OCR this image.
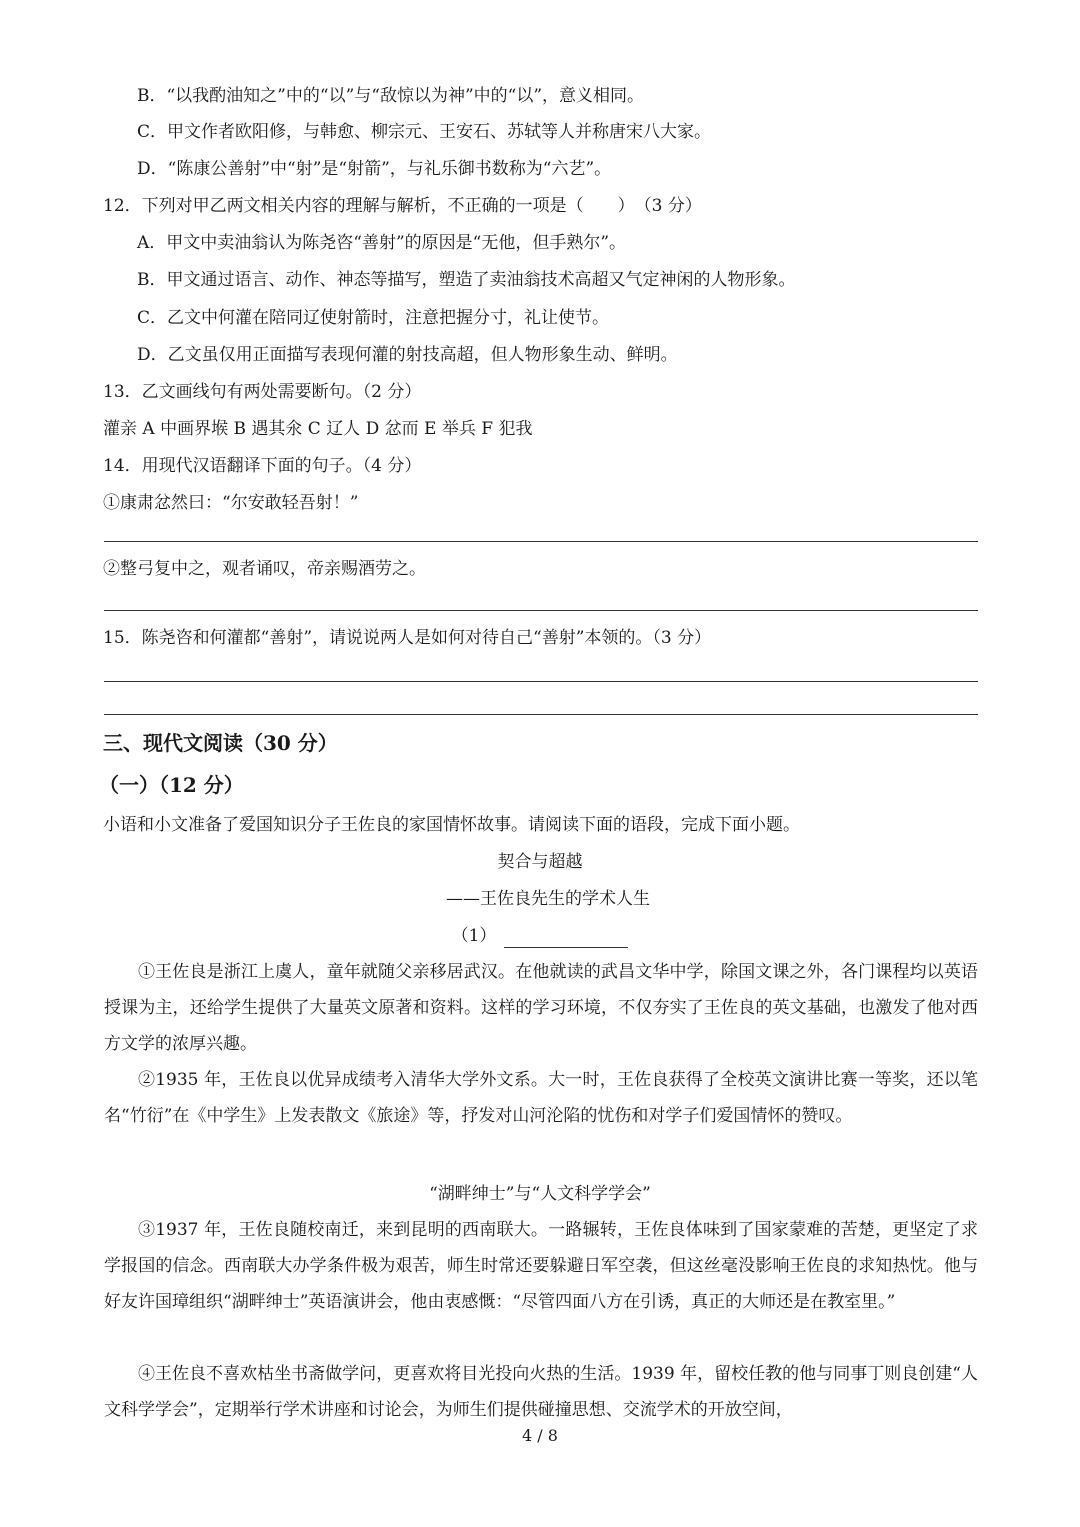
B．“以我酌油知之”中的“以”与“敌惊以为神”中的“以”，意义相同。
C．甲文作者欧阳修，与韩愈、柳宗元、王安石、苏轼等人并称唐宋八大家。
D．“陈康公善射”中“射”是“射箭”，与礼乐御书数称为“六艺”。
12．下列对甲乙两文相关内容的理解与解析，不正确的一项是（　　）　（3 分）
A．甲文中卖油翁认为陈尧咨“善射”的原因是“无他，但手熟尔”。
B．甲文通过语言、动作、神态等描写，塑造了卖油翁技术高超又气定神闲的人物形象。
C．乙文中何灌在陪同辽使射箭时，注意把握分寸，礼让使节。
D．乙文虽仅用正面描写表现何灌的射技高超，但人物形象生动、鲜明。
13．乙文画线句有两处需要断句。（2 分）
灌亲 A 中画界堠 B 遇其氽 C 辽人 D 忿而 E 举兵 F 犯我
14．用现代汉语翻译下面的句子。（4 分）
①康肃忿然曰：“尔安敢轻吾射！”
②整弓复中之，观者诵叹，帝亲赐酒劳之。
15．陈尧咨和何灌都“善射”，请说说两人是如何对待自己“善射”本领的。（3 分）
三、现代文阅读（30 分）
（一）（12 分）
小语和小文准备了爱国知识分子王佐良的家国情怀故事。请阅读下面的语段，完成下面小题。
契合与超越
——王佐良先生的学术人生
（1）
①王佐良是浙江上虞人，童年就随父亲移居武汉。在他就读的武昌文华中学，除国文课之外，各门课程均以英语授课为主，还给学生提供了大量英文原著和资料。这样的学习环境，不仅夯实了王佐良的英文基础，也激发了他对西方文学的浓厚兴趣。
②1935 年，王佐良以优异成绩考入清华大学外文系。大一时，王佐良获得了全校英文演讲比赛一等奖，还以笔名“竹衍”在《中学生》上发表散文《旅途》等，抒发对山河沦陷的忧伤和对学子们爱国情怀的赞叹。
“湖畔绅士”与“人文科学学会”
③1937 年，王佐良随校南迁，来到昆明的西南联大。一路辗转，王佐良体味到了国家蒙难的苦楚，更坚定了求学报国的信念。西南联大办学条件极为艰苦，师生时常还要躲避日军空袭，但这丝毫没影响王佐良的求知热忱。他与好友许国璋组织“湖畔绅士”英语演讲会，他由衷感慨：“尽管四面八方在引诱，真正的大师还是在教室里。”
④王佐良不喜欢枯坐书斋做学问，更喜欢将目光投向火热的生活。1939 年，留校任教的他与同事丁则良创建“人文科学学会”，定期举行学术讲座和讨论会，为师生们提供碰撞思想、交流学术的开放空间，
4 / 8
